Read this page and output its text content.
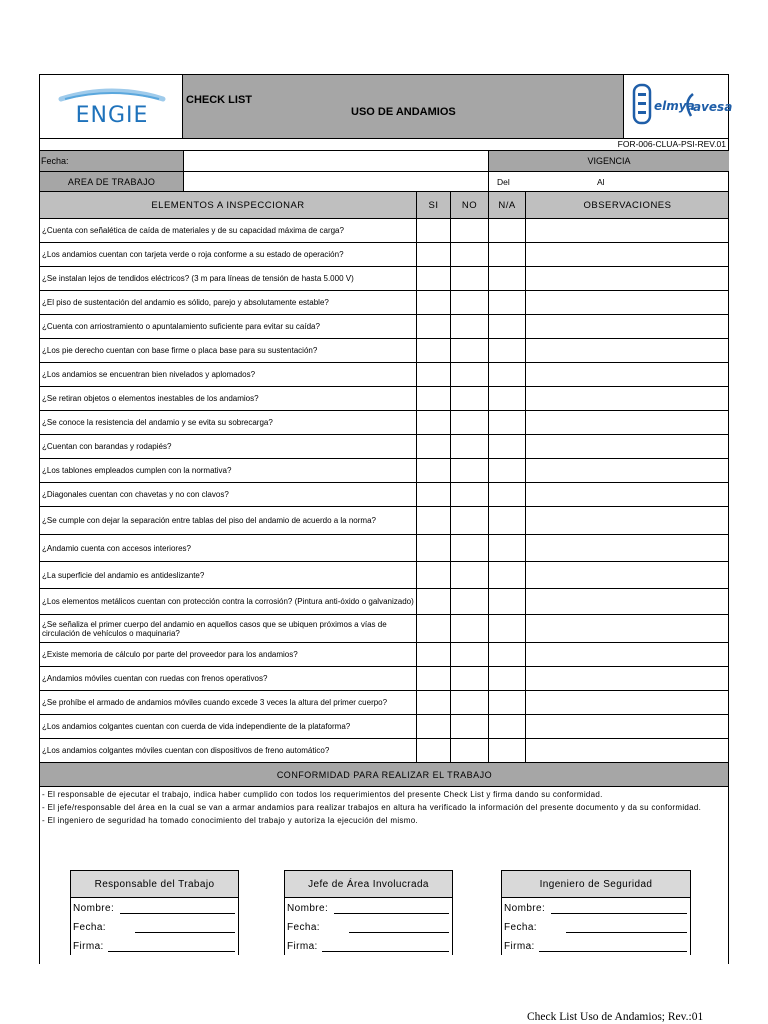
ENGIE
CHECK LIST
USO DE ANDAMIOS	elmya
avesa
FOR-006-CLUA-PSI-REV.01
Fecha:	VIGENCIA
AREA DE TRABAJO	Del	Al
ELEMENTOS A INSPECCIONAR	SI	NO	N/A	OBSERVACIONES
¿Cuenta con señalética de caída de materiales y de su capacidad máxima de carga?
¿Los andamios cuentan con tarjeta verde o roja conforme a su estado de operación?
¿Se instalan lejos de tendidos eléctricos? (3 m para líneas de tensión de hasta 5.000 V)
¿El piso de sustentación del andamio es sólido, parejo y absolutamente estable?
¿Cuenta con arriostramiento o apuntalamiento suficiente para evitar su caída?
¿Los pie derecho cuentan con base firme o placa base para su sustentación?
¿Los andamios se encuentran bien nivelados y aplomados?
¿Se retiran objetos o elementos inestables de los andamios?
¿Se conoce la resistencia del andamio y se evita su sobrecarga?
¿Cuentan con barandas y rodapiés?
¿Los tablones empleados cumplen con la normativa?
¿Diagonales cuentan con chavetas y no con clavos?
¿Se cumple con dejar la separación entre tablas del piso del andamio de acuerdo a la norma?
¿Andamio cuenta con accesos interiores?
¿La superficie del andamio es antideslizante?
¿Los elementos metálicos cuentan con protección contra la corrosión? (Pintura anti-óxido o galvanizado)
¿Se señaliza el primer cuerpo del andamio en aquellos casos que se ubiquen próximos a vías de circulación de vehículos o maquinaria?
¿Existe memoria de cálculo por parte del proveedor para los andamios?
¿Andamios móviles cuentan con ruedas con frenos operativos?
¿Se prohíbe el armado de andamios móviles cuando excede 3 veces la altura del primer cuerpo?
¿Los andamios colgantes cuentan con cuerda de vida independiente de la plataforma?
¿Los andamios colgantes móviles cuentan con dispositivos de freno automático?
CONFORMIDAD PARA REALIZAR EL TRABAJO

- El responsable de ejecutar el trabajo, indica haber cumplido con todos los requerimientos del presente Check List y firma dando su conformidad.

- El jefe/responsable del área en la cual se van a armar andamios para realizar trabajos en altura ha verificado la información del presente documento y da su conformidad.

- El ingeniero de seguridad ha tomado conocimiento del trabajo y autoriza la ejecución del mismo.

Responsable del Trabajo
Nombre:
Fecha:
Firma:
Jefe de Área Involucrada
Nombre:
Fecha:
Firma:
Ingeniero de Seguridad
Nombre:
Fecha:
Firma:
Check List Uso de Andamios; Rev.:01
